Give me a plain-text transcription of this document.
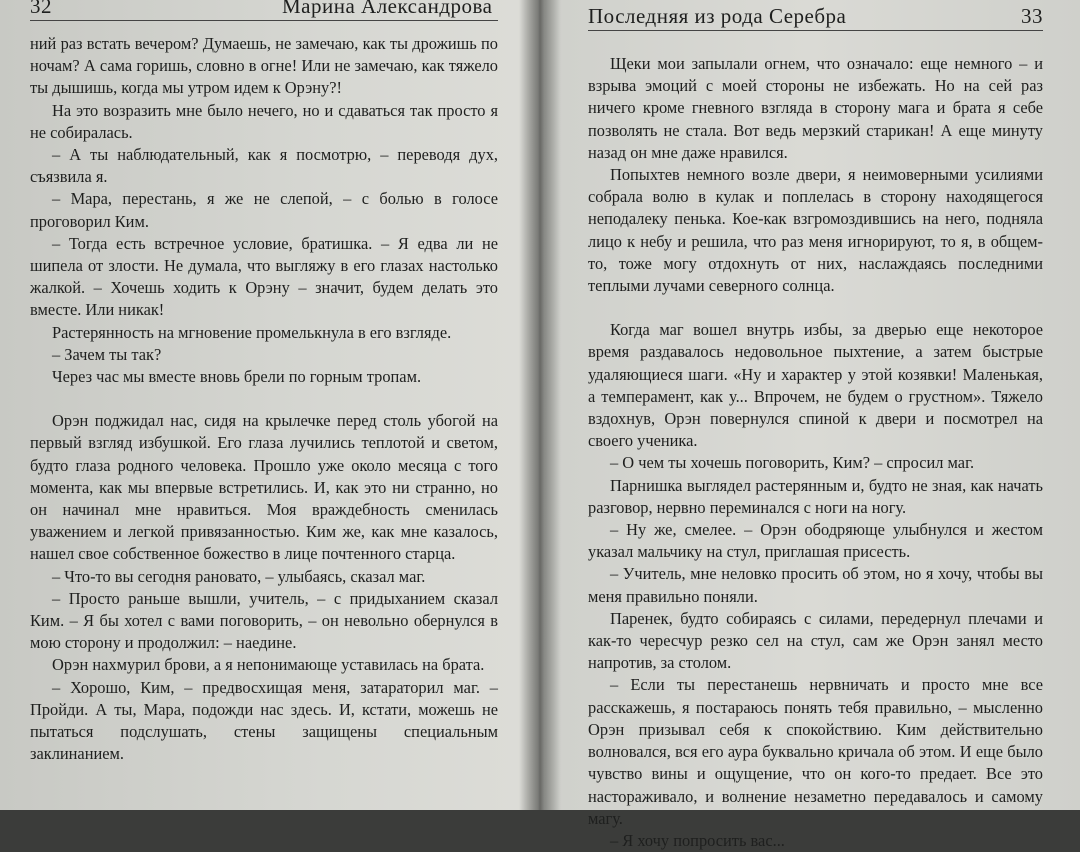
32	Марина Александрова

ний раз встать вечером? Думаешь, не замечаю, как ты дрожишь по ночам? А сама горишь, словно в огне! Или не замечаю, как тяжело ты дышишь, когда мы утром идем к Орэну?!

На это возразить мне было нечего, но и сдаваться так просто я не собиралась.

– А ты наблюдательный, как я посмотрю, – переводя дух, съязвила я.

– Мара, перестань, я же не слепой, – с болью в голосе проговорил Ким.

– Тогда есть встречное условие, братишка. – Я едва ли не шипела от злости. Не думала, что выгляжу в его глазах настолько жалкой. – Хочешь ходить к Орэну – значит, будем делать это вместе. Или никак!

Растерянность на мгновение промелькнула в его взгляде.

– Зачем ты так?

Через час мы вместе вновь брели по горным тропам.

Орэн поджидал нас, сидя на крылечке перед столь убогой на первый взгляд избушкой. Его глаза лучились теплотой и светом, будто глаза родного человека. Прошло уже около месяца с того момента, как мы впервые встретились. И, как это ни странно, но он начинал мне нравиться. Моя враждебность сменилась уважением и легкой привязанностью. Ким же, как мне казалось, нашел свое собственное божество в лице почтенного старца.

– Что-то вы сегодня рановато, – улыбаясь, сказал маг.

– Просто раньше вышли, учитель, – с придыханием сказал Ким. – Я бы хотел с вами поговорить, – он невольно обернулся в мою сторону и продолжил: – наедине.

Орэн нахмурил брови, а я непонимающе уставилась на брата.

– Хорошо, Ким, – предвосхищая меня, затараторил маг. – Пройди. А ты, Мара, подожди нас здесь. И, кстати, можешь не пытаться подслушать, стены защищены специальным заклинанием.

Последняя из рода Серебра	33

Щеки мои запылали огнем, что означало: еще немного – и взрыва эмоций с моей стороны не избежать. Но на сей раз ничего кроме гневного взгляда в сторону мага и брата я себе позволять не стала. Вот ведь мерзкий старикан! А еще минуту назад он мне даже нравился.

Попыхтев немного возле двери, я неимоверными усилиями собрала волю в кулак и поплелась в сторону находящегося неподалеку пенька. Кое-как взгромоздившись на него, подняла лицо к небу и решила, что раз меня игнорируют, то я, в общем-то, тоже могу отдохнуть от них, наслаждаясь последними теплыми лучами северного солнца.

Когда маг вошел внутрь избы, за дверью еще некоторое время раздавалось недовольное пыхтение, а затем быстрые удаляющиеся шаги. «Ну и характер у этой козявки! Маленькая, а темперамент, как у... Впрочем, не будем о грустном». Тяжело вздохнув, Орэн повернулся спиной к двери и посмотрел на своего ученика.

– О чем ты хочешь поговорить, Ким? – спросил маг.

Парнишка выглядел растерянным и, будто не зная, как начать разговор, нервно переминался с ноги на ногу.

– Ну же, смелее. – Орэн ободряюще улыбнулся и жестом указал мальчику на стул, приглашая присесть.

– Учитель, мне неловко просить об этом, но я хочу, чтобы вы меня правильно поняли.

Паренек, будто собираясь с силами, передернул плечами и как-то чересчур резко сел на стул, сам же Орэн занял место напротив, за столом.

– Если ты перестанешь нервничать и просто мне все расскажешь, я постараюсь понять тебя правильно, – мысленно Орэн призывал себя к спокойствию. Ким действительно волновался, вся его аура буквально кричала об этом. И еще было чувство вины и ощущение, что он кого-то предает. Все это настораживало, и волнение незаметно передавалось и самому магу.

– Я хочу попросить вас...
